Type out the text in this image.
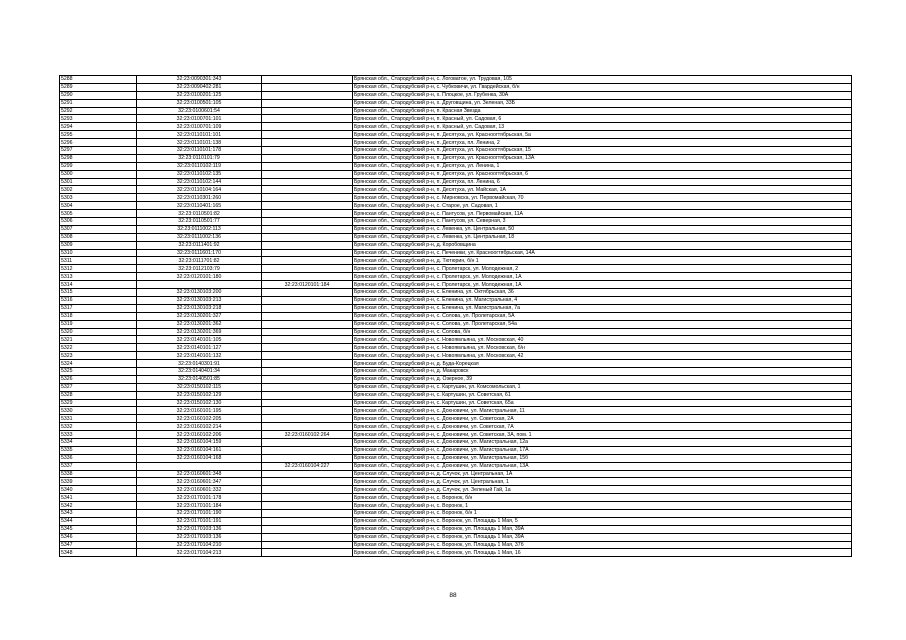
5288	32:23:0090301:343		Брянская обл., Стародубский р-н, с. Логоватое, ул. Трудовая, 105
5289	32:23:0090402:281		Брянская обл., Стародубский р-н, с. Чубковичи, ул. Гвардейская, б/н
5290	32:23:0100201:125		Брянская обл., Стародубский р-н, х. Плоцкое, ул. Грубенка, 30А
5291	32:23:0100501:105		Брянская обл., Стародубский р-н, х. Друговщина, ул. Зеленая, 33Б
5292	32:23:0100601:54		Брянская обл., Стародубский р-н, п. Красная Звезда
5293	32:23:0100701:101		Брянская обл., Стародубский р-н, п. Красный, ул. Садовая, 6
5294	32:23:0100701:109		Брянская обл., Стародубский р-н, п. Красный, ул. Садовая, 13
5295	32:23:0110101:101		Брянская обл., Стародубский р-н, п. Десятуха, ул. Красноогтябрьская, 5а
5296	32:23:0110101:138		Брянская обл., Стародубский р-н, п. Десятуха, пл. Ленина, 2
5297	32:23:0110101:178		Брянская обл., Стародубский р-н, п. Десятуха, ул. Красноогтябрьская, 15
5298	32:23:0110101:79		Брянская обл., Стародубский р-н, п. Десятуха, ул. Красноогтябрьская, 13А
5299	32:23:0110102:119		Брянская обл., Стародубский р-н, п. Десятуха, ул. Ленина, 1
5300	32:23:0110102:135		Брянская обл., Стародубский р-н, п. Десятуха, ул. Красноогтябрьская, 6
5301	32:23:0110102:144		Брянская обл., Стародубский р-н, п. Десятуха, пл. Ленина, 6
5302	32:23:0110104:164		Брянская обл., Стародубский р-н, п. Десятуха, ул. Майская, 1А
5303	32:23:0110301:260		Брянская обл., Стародубский р-н, с. Мирновска, ул. Первомайская, 70
5304	32:23:0110401:165		Брянская обл., Стародубский р-н, с. Старое, ул. Садовая, 1
5305	32:23:0110501:82		Брянская обл., Стародубский р-н, с. Пантусов, ул. Первомайская, 11А
5306	32:23:0110501:77		Брянская обл., Стародубский р-н, с. Пантусов, ул. Северная, 3
5307	32:23:0111002:113		Брянская обл., Стародубский р-н, с. Левенка, ул. Центральная, 50
5308	32:23:0111002:136		Брянская обл., Стародубский р-н, с. Левенка, ул. Центральная, 18
5309	32:23:0111401:92		Брянская обл., Стародубский р-н, д. Коробовщина
5310	32:23:0111601:170		Брянская обл., Стародубский р-н, с. Печеники, ул. Красноогтябрьская, 14А
5311	32:23:0111701:82		Брянская обл., Стародубский р-н, д. Тютюрин, б/н 1
5312	32:23:0112103:79		Брянская обл., Стародубский р-н, с. Пролетарск, ул. Молодежная, 2
5313	32:23:0120101:180		Брянская обл., Стародубский р-н, с. Пролетарск, ул. Молодежная, 1А
5314		32:23:0120101:184	Брянская обл., Стародубский р-н, с. Пролетарск, ул. Молодежная, 1А
5315	32:23:0130103:200		Брянская обл., Стародубский р-н, с. Еленина, ул. Октябрьская, 36
5316	32:23:0130103:213		Брянская обл., Стародубский р-н, с. Еленина, ул. Магистральная, 4
5317	32:23:0130103:218		Брянская обл., Стародубский р-н, с. Еленина, ул. Магистральная, 7а
5318	32:23:0130201:327		Брянская обл., Стародубский р-н, с. Солова, ул. Пролетарская, 5А
5319	32:23:0130201:362		Брянская обл., Стародубский р-н, с. Солова, ул. Пролетарская, 54а
5320	32:23:0130201:369		Брянская обл., Стародубский р-н, с. Солова, б/н
5321	32:23:0140101:105		Брянская обл., Стародубский р-н, с. Новоямльяна, ул. Московская, 40
5322	32:23:0140101:127		Брянская обл., Стародубский р-н, с. Новоямльяна, ул. Московская, б/н
5323	32:23:0140101:132		Брянская обл., Стародубский р-н, с. Новоямльяна, ул. Московская, 42
5324	32:23:0140301:91		Брянская обл., Стародубский р-н, д. Буда-Корецкая
5325	32:23:0140401:34		Брянская обл., Стародубский р-н, д. Макаровск
5326	32:23:0140501:85		Брянская обл., Стародубский р-н, д. Озерное, 39
5327	32:23:0150102:115		Брянская обл., Стародубский р-н, с. Картушин, ул. Комсомольская, 1
5328	32:23:0150102:129		Брянская обл., Стародубский р-н, с. Картушин, ул. Советская, 61
5329	32:23:0150102:130		Брянская обл., Стародубский р-н, с. Картушин, ул. Советская, 65а
5330	32:23:0160101:195		Брянская обл., Стародубский р-н, с. Дохновичи, ул. Магистральная, 11
5331	32:23:0160102:205		Брянская обл., Стародубский р-н, с. Дохновичи, ул. Советская, 2А
5332	32:23:0160102:214		Брянская обл., Стародубский р-н, с. Дохновичи, ул. Советская, 7А
5333	32:23:0160102:206	32:23:0160102:264	Брянская обл., Стародубский р-н, с. Дохновичи, ул. Советская, 3А, пом. 1
5334	32:23:0160104:159		Брянская обл., Стародубский р-н, с. Дохновичи, ул. Магистральная, 12а
5335	32:23:0160104:161		Брянская обл., Стародубский р-н, с. Дохновичи, ул. Магистральная, 17А
5336	32:23:0160104:168		Брянская обл., Стародубский р-н, с. Дохновичи, ул. Магистральная, 15б
5337		32:23:0160104:227	Брянская обл., Стародубский р-н, с. Дохновичи, ул. Магистральная, 13А
5338	32:23:0160601:348		Брянская обл., Стародубский р-н, д. Случок, ул. Центральная, 1А
5339	32:23:0160601:347		Брянская обл., Стародубский р-н, д. Случок, ул. Центральная, 1
5340	32:23:0160601:332		Брянская обл., Стародубский р-н, д. Случок, ул. Зеленый Гай, 1а
5341	32:23:0170101:178		Брянская обл., Стародубский р-н, с. Воронок, б/н
5342	32:23:0170101:184		Брянская обл., Стародубский р-н, с. Воронок, 1
5343	32:23:0170101:190		Брянская обл., Стародубский р-н, с. Воронок, б/н 1
5344	32:23:0170101:191		Брянская обл., Стародубский р-н, с. Воронок, ул. Площадь 1 Мая, 5
5345	32:23:0170103:136		Брянская обл., Стародубский р-н, с. Воронок, ул. Площадь 1 Мая, 39А
5346	32:23:0170103:136		Брянская обл., Стародубский р-н, с. Воронок, ул. Площадь 1 Мая, 39А
5347	32:23:0170104:210		Брянская обл., Стародубский р-н, с. Воронок, ул. Площадь 1 Мая, 37б
5348	32:23:0170104:213		Брянская обл., Стародубский р-н, с. Воронок, ул. Площадь 1 Мая, 16
88
